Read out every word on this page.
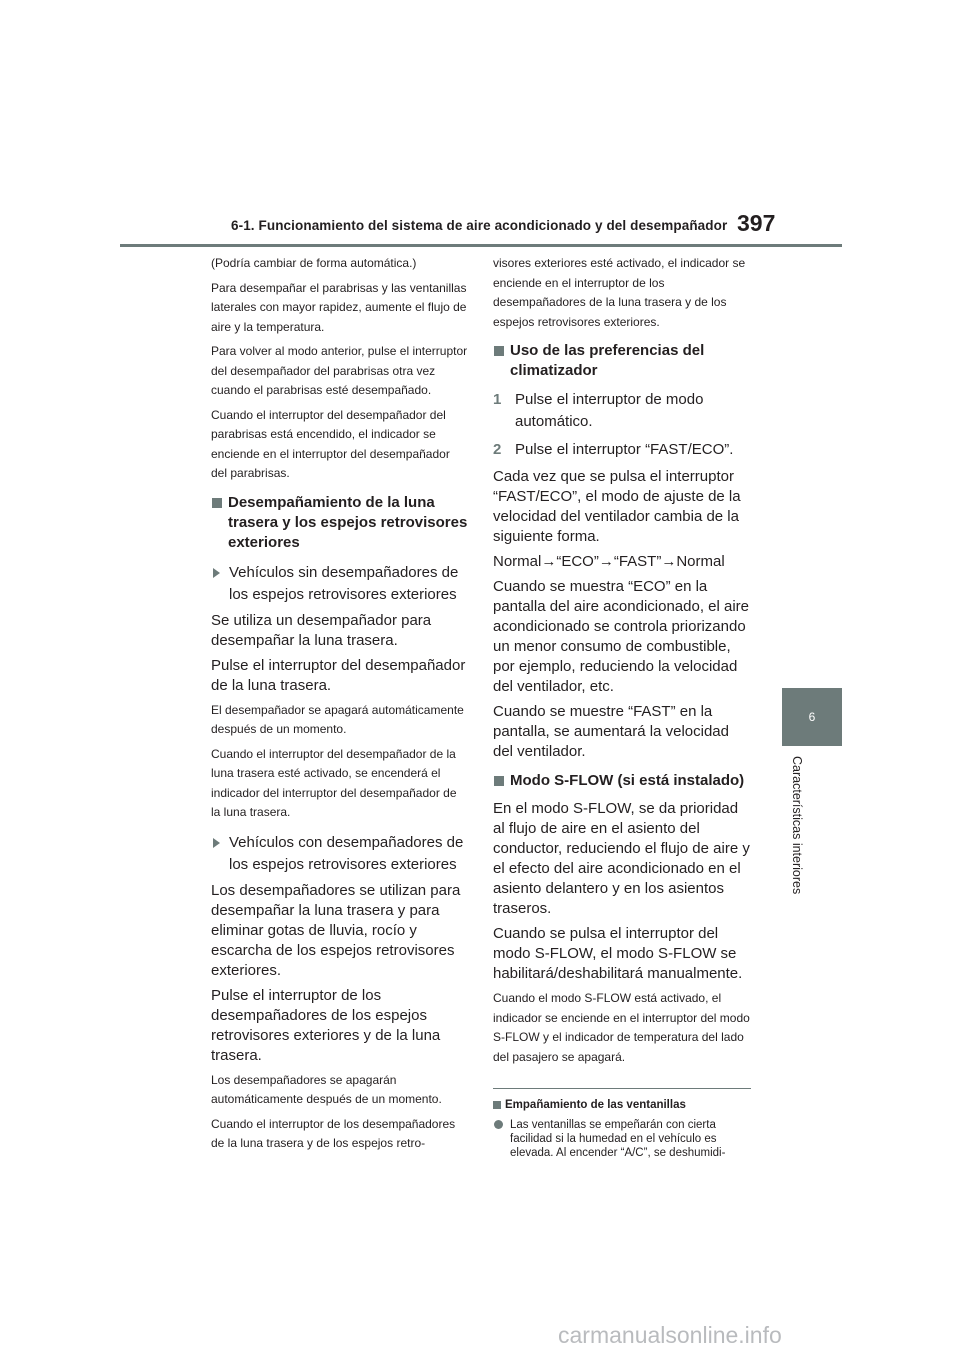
6-1. Funcionamiento del sistema de aire acondicionado y del desempañador 397
6
Características interiores

(Podría cambiar de forma automática.)

Para desempañar el parabrisas y las ventanillas laterales con mayor rapidez, aumente el flujo de aire y la temperatura.

Para volver al modo anterior, pulse el interruptor del desempañador del parabrisas otra vez cuando el parabrisas esté desempañado.

Cuando el interruptor del desempañador del parabrisas está encendido, el indicador se enciende en el interruptor del desempañador del parabrisas.

Desempañamiento de la luna trasera y los espejos retrovisores exteriores
Vehículos sin desempañadores de los espejos retrovisores exteriores

Se utiliza un desempañador para desempañar la luna trasera.

Pulse el interruptor del desempañador de la luna trasera.

El desempañador se apagará automáticamente después de un momento.

Cuando el interruptor del desempañador de la luna trasera esté activado, se encenderá el indicador del interruptor del desempañador de la luna trasera.

Vehículos con desempañadores de los espejos retrovisores exteriores

Los desempañadores se utilizan para desempañar la luna trasera y para eliminar gotas de lluvia, rocío y escarcha de los espejos retrovisores exteriores.

Pulse el interruptor de los desempañadores de los espejos retrovisores exteriores y de la luna trasera.

Los desempañadores se apagarán automáticamente después de un momento.

Cuando el interruptor de los desempañadores de la luna trasera y de los espejos retro-

visores exteriores esté activado, el indicador se enciende en el interruptor de los desempañadores de la luna trasera y de los espejos retrovisores exteriores.

Uso de las preferencias del climatizador
1 Pulse el interruptor de modo automático.
2 Pulse el interruptor “FAST/ECO”.

Cada vez que se pulsa el interruptor “FAST/ECO”, el modo de ajuste de la velocidad del ventilador cambia de la siguiente forma.

Normal→“ECO”→“FAST”→Normal

Cuando se muestra “ECO” en la pantalla del aire acondicionado, el aire acondicionado se controla priorizando un menor consumo de combustible, por ejemplo, reduciendo la velocidad del ventilador, etc.

Cuando se muestre “FAST” en la pantalla, se aumentará la velocidad del ventilador.

Modo S-FLOW (si está instalado)

En el modo S-FLOW, se da prioridad al flujo de aire en el asiento del conductor, reduciendo el flujo de aire y el efecto del aire acondicionado en el asiento delantero y en los asientos traseros.

Cuando se pulsa el interruptor del modo S-FLOW, el modo S-FLOW se habilitará/deshabilitará manualmente.

Cuando el modo S-FLOW está activado, el indicador se enciende en el interruptor del modo S-FLOW y el indicador de temperatura del lado del pasajero se apagará.

Empañamiento de las ventanillas
Las ventanillas se empeñarán con cierta facilidad si la humedad en el vehículo es elevada. Al encender “A/C”, se deshumidi-
carmanualsonline.info
